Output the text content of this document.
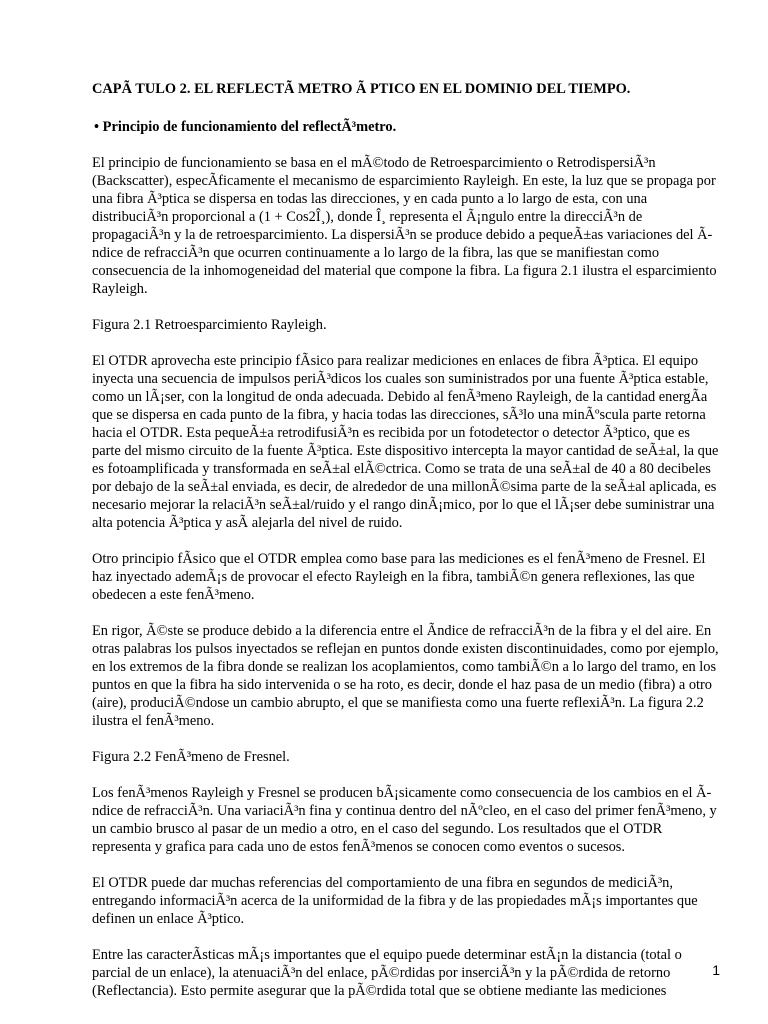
CAPÃ TULO 2. EL REFLECTÃ METRO Ã PTICO EN EL DOMINIO DEL TIEMPO.
• Principio de funcionamiento del reflectÃ³metro.

El principio de funcionamiento se basa en el mÃ©todo de Retroesparcimiento o RetrodispersiÃ³n (Backscatter), especÃficamente el mecanismo de esparcimiento Rayleigh. En este, la luz que se propaga por una fibra Ã³ptica se dispersa en todas las direcciones, y en cada punto a lo largo de esta, con una distribuciÃ³n proporcional a (1 + Cos2Î¸), donde Î¸ representa el Ã¡ngulo entre la direcciÃ³n de propagaciÃ³n y la de retroesparcimiento. La dispersiÃ³n se produce debido a pequeÃ±as variaciones del Ãndice de refracciÃ³n que ocurren continuamente a lo largo de la fibra, las que se manifiestan como consecuencia de la inhomogeneidad del material que compone la fibra. La figura 2.1 ilustra el esparcimiento Rayleigh.

Figura 2.1 Retroesparcimiento Rayleigh.

El OTDR aprovecha este principio fÃsico para realizar mediciones en enlaces de fibra Ã³ptica. El equipo inyecta una secuencia de impulsos periÃ³dicos los cuales son suministrados por una fuente Ã³ptica estable, como un lÃ¡ser, con la longitud de onda adecuada. Debido al fenÃ³meno Rayleigh, de la cantidad energÃa que se dispersa en cada punto de la fibra, y hacia todas las direcciones, sÃ³lo una minÃºscula parte retorna hacia el OTDR. Esta pequeÃ±a retrodifusiÃ³n es recibida por un fotodetector o detector Ã³ptico, que es parte del mismo circuito de la fuente Ã³ptica. Este dispositivo intercepta la mayor cantidad de seÃ±al, la que es fotoamplificada y transformada en seÃ±al elÃ©ctrica. Como se trata de una seÃ±al de 40 a 80 decibeles por debajo de la seÃ±al enviada, es decir, de alrededor de una millonÃ©sima parte de la seÃ±al aplicada, es necesario mejorar la relaciÃ³n seÃ±al/ruido y el rango dinÃ¡mico, por lo que el lÃ¡ser debe suministrar una alta potencia Ã³ptica y asÃ alejarla del nivel de ruido.

Otro principio fÃsico que el OTDR emplea como base para las mediciones es el fenÃ³meno de Fresnel. El haz inyectado ademÃ¡s de provocar el efecto Rayleigh en la fibra, tambiÃ©n genera reflexiones, las que obedecen a este fenÃ³meno.

En rigor, Ã©ste se produce debido a la diferencia entre el Ãndice de refracciÃ³n de la fibra y el del aire. En otras palabras los pulsos inyectados se reflejan en puntos donde existen discontinuidades, como por ejemplo, en los extremos de la fibra donde se realizan los acoplamientos, como tambiÃ©n a lo largo del tramo, en los puntos en que la fibra ha sido intervenida o se ha roto, es decir, donde el haz pasa de un medio (fibra) a otro (aire), produciÃ©ndose un cambio abrupto, el que se manifiesta como una fuerte reflexiÃ³n. La figura 2.2 ilustra el fenÃ³meno.

Figura 2.2 FenÃ³meno de Fresnel.

Los fenÃ³menos Rayleigh y Fresnel se producen bÃ¡sicamente como consecuencia de los cambios en el Ãndice de refracciÃ³n. Una variaciÃ³n fina y continua dentro del nÃºcleo, en el caso del primer fenÃ³meno, y un cambio brusco al pasar de un medio a otro, en el caso del segundo. Los resultados que el OTDR representa y grafica para cada uno de estos fenÃ³menos se conocen como eventos o sucesos.

El OTDR puede dar muchas referencias del comportamiento de una fibra en segundos de mediciÃ³n, entregando informaciÃ³n acerca de la uniformidad de la fibra y de las propiedades mÃ¡s importantes que definen un enlace Ã³ptico.

Entre las caracterÃsticas mÃ¡s importantes que el equipo puede determinar estÃ¡n la distancia (total o parcial de un enlace), la atenuaciÃ³n del enlace, pÃ©rdidas por inserciÃ³n y la pÃ©rdida de retorno (Reflectancia). Esto permite asegurar que la pÃ©rdida total que se obtiene mediante las mediciones

1
